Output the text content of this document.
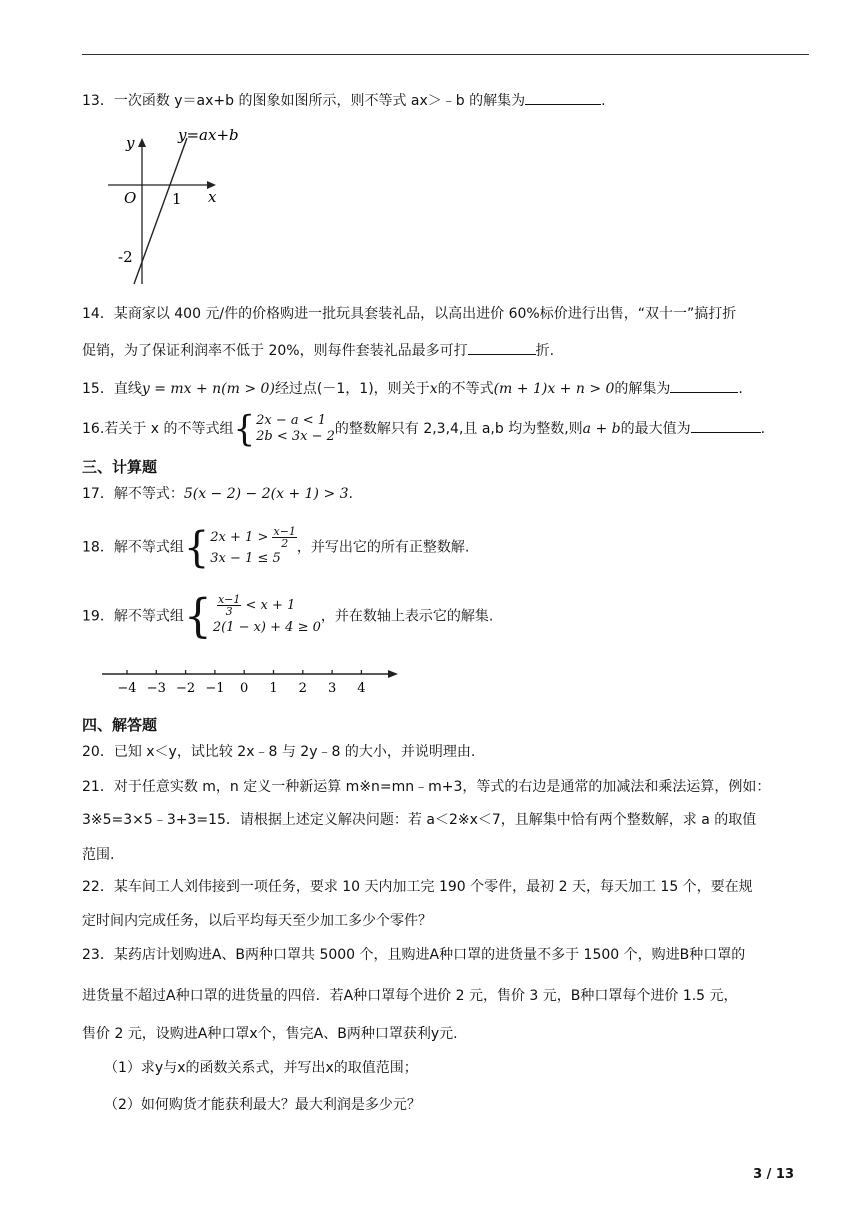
13．一次函数 y＝ax+b 的图象如图所示，则不等式 ax＞﹣b 的解集为	.
y=ax+b
y
x
O 1
-2
14．某商家以 400 元/件的价格购进一批玩具套装礼品，以高出进价 60%标价进行出售，“双十一”搞打折
促销，为了保证利润率不低于 20%，则每件套装礼品最多可打	折.
15．直线y = mx + n(m > 0)经过点(－1，1)，则关于x的不等式(m + 1)x + n > 0的解集为	.
16.若关于 x 的不等式组 { 2x − a < 1
2b < 3x − 2 的整数解只有 2,3,4,且 a,b 均为整数,则a + b的最大值为	.
三、计算题
17．解不等式：5(x − 2) − 2(x + 1) > 3.
18．解不等式组 { $2x + 1 > \frac{x-1}{2}$
3x − 1 ≤ 5
，并写出它的所有正整数解.
19．解不等式组 {
$\frac{x-1}{3} < x + 1$
2(1 − x) + 4 ≥ 0
，并在数轴上表示它的解集.
−4 −3 −2 −1 0 1 2 3 4
四、解答题
20．已知 x＜y，试比较 2x﹣8 与 2y﹣8 的大小，并说明理由.
21．对于任意实数 m，n 定义一种新运算 m※n=mn﹣m+3，等式的右边是通常的加减法和乘法运算，例如：
3※5=3×5﹣3+3=15．请根据上述定义解决问题：若 a＜2※x＜7，且解集中恰有两个整数解，求 a 的取值
范围.
22．某车间工人刘伟接到一项任务，要求 10 天内加工完 190 个零件，最初 2 天，每天加工 15 个，要在规
定时间内完成任务，以后平均每天至少加工多少个零件？
23．某药店计划购进A、B两种口罩共 5000 个，且购进A种口罩的进货量不多于 1500 个，购进B种口罩的
进货量不超过A种口罩的进货量的四倍．若A种口罩每个进价 2 元，售价 3 元，B种口罩每个进价 1.5 元，
售价 2 元，设购进A种口罩x个，售完A、B两种口罩获利y元.
（1）求y与x的函数关系式，并写出x的取值范围；
（2）如何购货才能获利最大？最大利润是多少元？
3 / 13
